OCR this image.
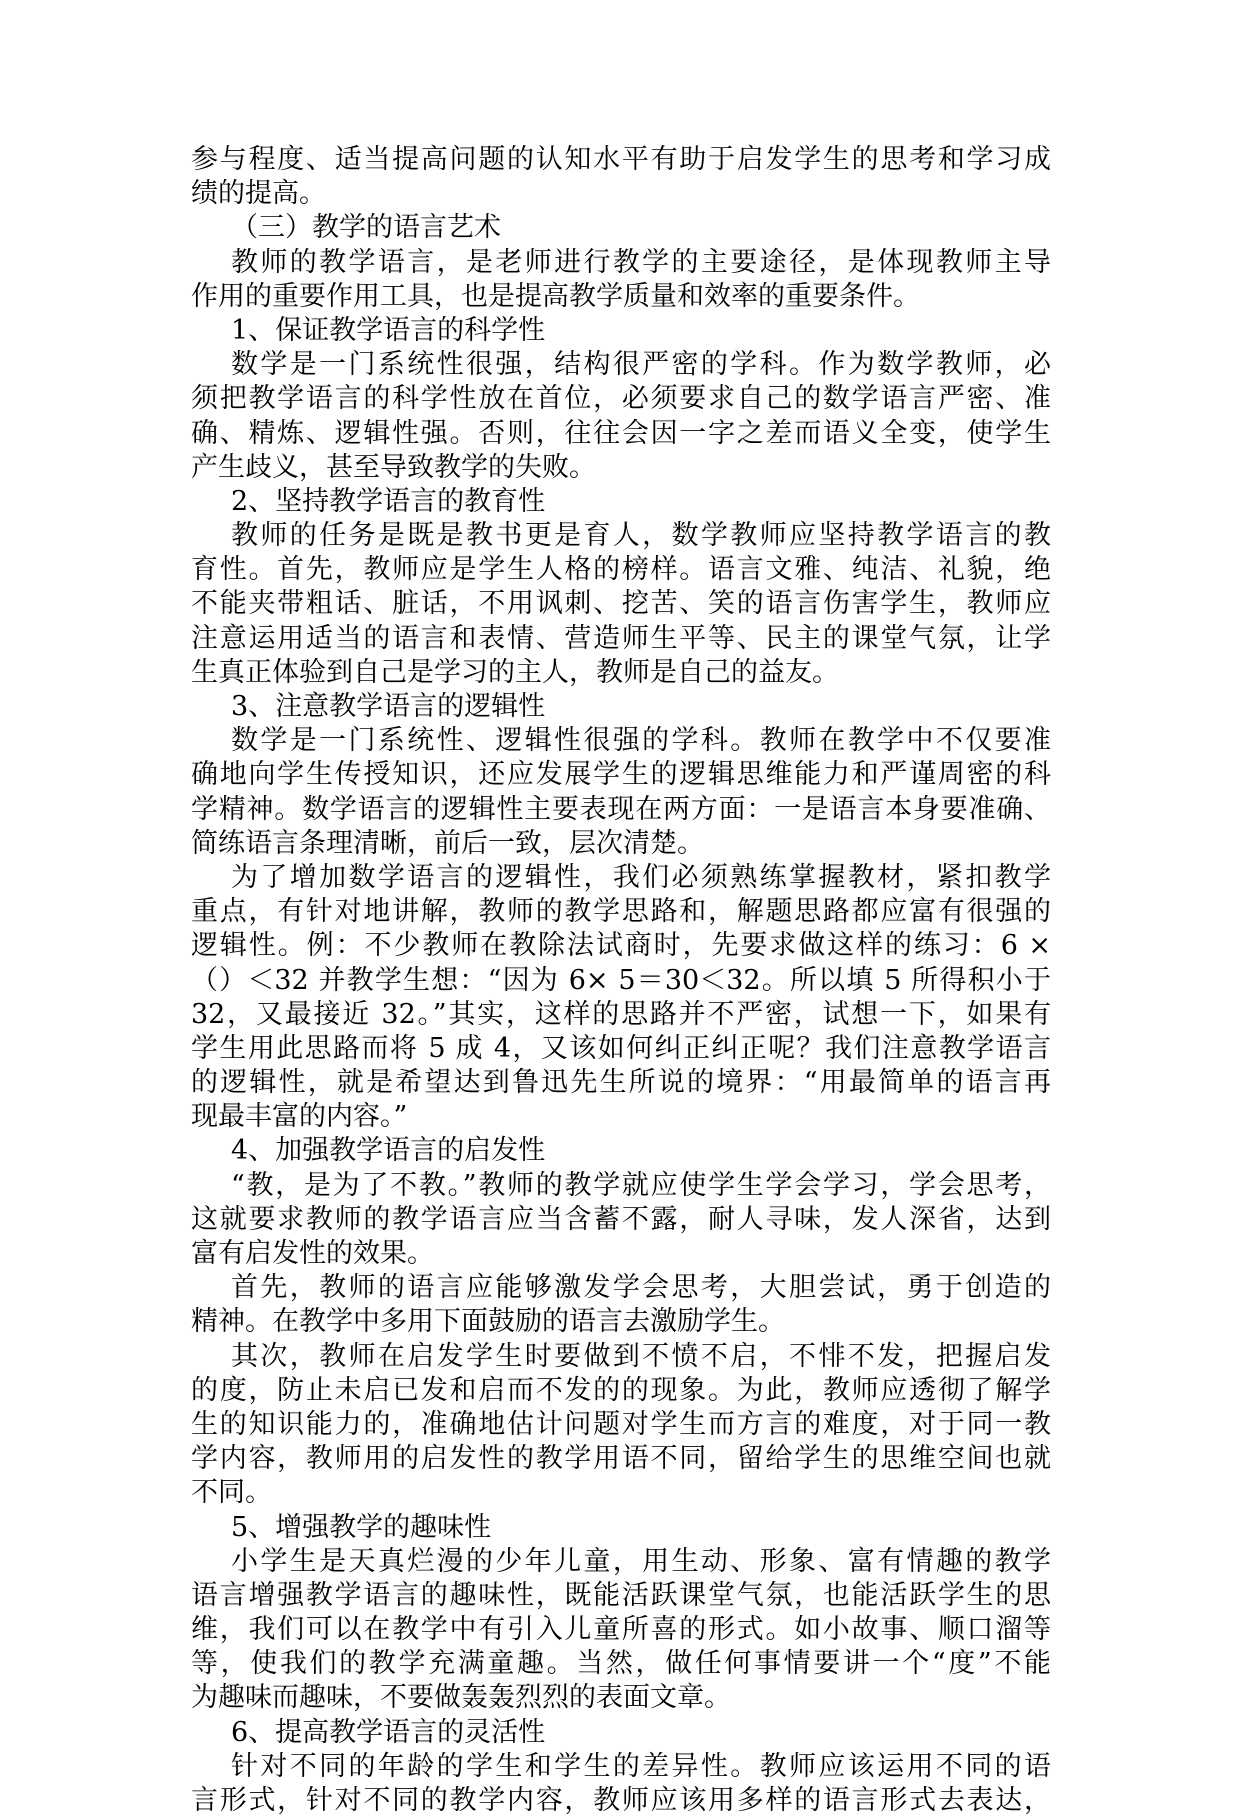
参与程度、适当提高问题的认知水平有助于启发学生的思考和学习成
绩的提高。
（三）教学的语言艺术
教师的教学语言，是老师进行教学的主要途径，是体现教师主导
作用的重要作用工具，也是提高教学质量和效率的重要条件。
1、保证教学语言的科学性
数学是一门系统性很强，结构很严密的学科。作为数学教师，必
须把教学语言的科学性放在首位，必须要求自己的数学语言严密、准
确、精炼、逻辑性强。否则，往往会因一字之差而语义全变，使学生
产生歧义，甚至导致教学的失败。
2、坚持教学语言的教育性
教师的任务是既是教书更是育人，数学教师应坚持教学语言的教
育性。首先，教师应是学生人格的榜样。语言文雅、纯洁、礼貌，绝
不能夹带粗话、脏话，不用讽刺、挖苦、笑的语言伤害学生，教师应
注意运用适当的语言和表情、营造师生平等、民主的课堂气氛，让学
生真正体验到自己是学习的主人，教师是自己的益友。
3、注意教学语言的逻辑性
数学是一门系统性、逻辑性很强的学科。教师在教学中不仅要准
确地向学生传授知识，还应发展学生的逻辑思维能力和严谨周密的科
学精神。数学语言的逻辑性主要表现在两方面：一是语言本身要准确、
简练语言条理清晰，前后一致，层次清楚。
为了增加数学语言的逻辑性，我们必须熟练掌握教材，紧扣教学
重点，有针对地讲解，教师的教学思路和，解题思路都应富有很强的
逻辑性。例：不少教师在教除法试商时，先要求做这样的练习：6 ×
（）＜32 并教学生想：“因为 6× 5＝30＜32。所以填 5 所得积小于
32，又最接近 32。”其实，这样的思路并不严密，试想一下，如果有
学生用此思路而将 5 成 4，又该如何纠正纠正呢？我们注意教学语言
的逻辑性，就是希望达到鲁迅先生所说的境界：“用最简单的语言再
现最丰富的内容。”
4、加强教学语言的启发性
“教，是为了不教。”教师的教学就应使学生学会学习，学会思考，
这就要求教师的教学语言应当含蓄不露，耐人寻味，发人深省，达到
富有启发性的效果。
首先，教师的语言应能够激发学会思考，大胆尝试，勇于创造的
精神。在教学中多用下面鼓励的语言去激励学生。
其次，教师在启发学生时要做到不愤不启，不悱不发，把握启发
的度，防止未启已发和启而不发的的现象。为此，教师应透彻了解学
生的知识能力的，准确地估计问题对学生而方言的难度，对于同一教
学内容，教师用的启发性的教学用语不同，留给学生的思维空间也就
不同。
5、增强教学的趣味性
小学生是天真烂漫的少年儿童，用生动、形象、富有情趣的教学
语言增强教学语言的趣味性，既能活跃课堂气氛，也能活跃学生的思
维，我们可以在教学中有引入儿童所喜的形式。如小故事、顺口溜等
等，使我们的教学充满童趣。当然，做任何事情要讲一个“度”不能
为趣味而趣味，不要做轰轰烈烈的表面文章。
6、提高教学语言的灵活性
针对不同的年龄的学生和学生的差异性。教师应该运用不同的语
言形式，针对不同的教学内容，教师应该用多样的语言形式去表达，
